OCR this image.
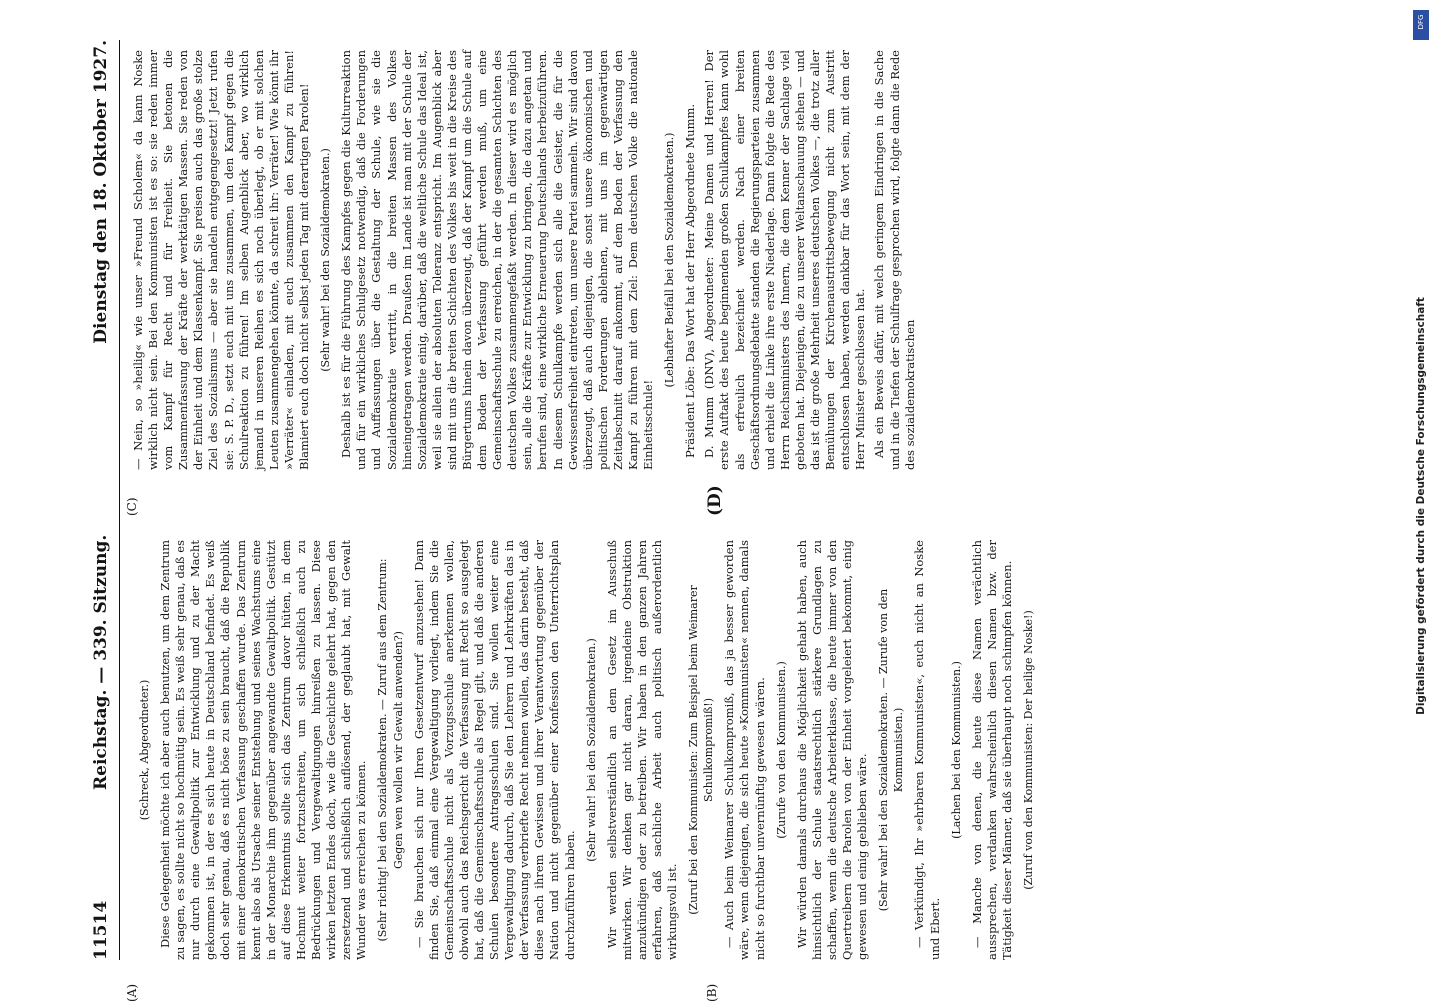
11514
Reichstag. — 339. Sitzung.
Dienstag den 18. Oktober 1927.
(A)	(B)
(C)	(D)

(Schreck, Abgeordneter.) Diese Gelegenheit möchte ich aber auch benutzen, um dem Zentrum zu sagen, es sollte nicht so hochmütig sein. Es weiß sehr genau, daß es nur durch eine Gewaltpolitik zur Entwicklung und zu der Macht gekommen ist, in der es sich heute in Deutschland befindet. Es weiß doch sehr genau, daß es nicht böse zu sein braucht, daß die Republik mit einer demokratischen Verfassung geschaffen wurde. Das Zentrum kennt also als Ursache seiner Entstehung und seines Wachstums eine in der Monarchie ihm gegenüber angewandte Gewaltpolitik. Gestützt auf diese Erkenntnis sollte sich das Zentrum davor hüten, in dem Hochmut weiter fortzuschreiten, um sich schließlich auch zu Bedrückungen und Vergewaltigungen hinreißen zu lassen. Diese wirken letzten Endes doch, wie die Geschichte gelehrt hat, gegen den zersetzend und schließlich auflösend, der geglaubt hat, mit Gewalt Wunder was erreichen zu können. (Sehr richtig! bei den Sozialdemokraten. — Zuruf aus dem Zentrum: Gegen wen wollen wir Gewalt anwenden?) — Sie brauchen sich nur Ihren Gesetzentwurf anzusehen! Dann finden Sie, daß einmal eine Vergewaltigung vorliegt, indem Sie die Gemeinschaftsschule nicht als Vorzugsschule anerkennen wollen, obwohl auch das Reichsgericht die Verfassung mit Recht so ausgelegt hat, daß die Gemeinschaftsschule als Regel gilt, und daß die anderen Schulen besondere Antragsschulen sind. Sie wollen weiter eine Vergewaltigung dadurch, daß Sie den Lehrern und Lehrkräften das in der Verfassung verbriefte Recht nehmen wollen, das darin besteht, daß diese nach ihrem Gewissen und ihrer Verantwortung gegenüber der Nation und nicht gegenüber einer Konfession den Unterrichtsplan durchzuführen haben.

(Sehr wahr! bei den Sozialdemokraten.) Wir werden selbstverständlich an dem Gesetz im Ausschuß mitwirken. Wir denken gar nicht daran, irgendeine Obstruktion anzukündigen oder zu betreiben. Wir haben in den ganzen Jahren erfahren, daß sachliche Arbeit auch politisch außerordentlich wirkungsvoll ist. (Zuruf bei den Kommunisten: Zum Beispiel beim Weimarer Schulkompromiß!) — Auch beim Weimarer Schulkompromiß, das ja besser geworden wäre, wenn diejenigen, die sich heute »Kommunisten« nennen, damals nicht so furchtbar unvernünftig gewesen wären. (Zurufe von den Kommunisten.) Wir würden damals durchaus die Möglichkeit gehabt haben, auch hinsichtlich der Schule staatsrechtlich stärkere Grundlagen zu schaffen, wenn die deutsche Arbeiterklasse, die heute immer von den Quertreibern die Parolen von der Einheit vorgeleiert bekommt, einig gewesen und einig geblieben wäre. (Sehr wahr! bei den Sozialdemokraten. — Zurufe von den Kommunisten.) — Verkündigt, Ihr »ehrbaren Kommunisten«, euch nicht an Noske und Ebert.

(Lachen bei den Kommunisten.) — Manche von denen, die heute diese Namen verächtlich aussprechen, verdanken wahrscheinlich diesen Namen bzw. der Tätigkeit dieser Männer, daß sie überhaupt noch schimpfen können. (Zuruf von den Kommunisten: Der heilige Noske!)

— Nein, so »heilig« wie unser »Freund Scholem« da kann Noske wirklich nicht sein. Bei den Kommunisten ist es so: sie reden immer vom Kampf für Recht und für Freiheit. Sie betonen die Zusammenfassung der Kräfte der werktätigen Massen. Sie reden von der Einheit und dem Klassenkampf. Sie preisen auch das große stolze Ziel des Sozialismus — aber sie handeln entgegengesetzt! Jetzt rufen sie: S. P. D., setzt euch mit uns zusammen, um den Kampf gegen die Schulreaktion zu führen! Im selben Augenblick aber, wo wirklich jemand in unseren Reihen es sich noch überlegt, ob er mit solchen Leuten zusammengehen könnte, da schreit ihr: Verräter! Wie könnt ihr »Verräter« einladen, mit euch zusammen den Kampf zu führen! Blamiert euch doch nicht selbst jeden Tag mit derartigen Parolen! (Sehr wahr! bei den Sozialdemokraten.) Deshalb ist es für die Führung des Kampfes gegen die Kulturreaktion und für ein wirkliches Schulgesetz notwendig, daß die Forderungen und Auffassungen über die Gestaltung der Schule, wie sie die Sozialdemokratie vertritt, in die breiten Massen des Volkes hineingetragen werden. Draußen im Lande ist man mit der Schule der Sozialdemokratie einig, darüber, daß die weltliche Schule das Ideal ist, weil sie allein der absoluten Toleranz entspricht. Im Augenblick aber sind mit uns die breiten Schichten des Volkes bis weit in die Kreise des Bürgertums hinein davon überzeugt, daß der Kampf um die Schule auf dem Boden der Verfassung geführt werden muß, um eine Gemeinschaftsschule zu erreichen, in der die gesamten Schichten des deutschen Volkes zusammengefaßt werden. In dieser wird es möglich sein, alle die Kräfte zur Entwicklung zu bringen, die dazu angetan und berufen sind, eine wirkliche Erneuerung Deutschlands herbeizuführen. In diesem Schulkampfe werden sich alle die Geister, die für die Gewissensfreiheit eintreten, um unsere Partei sammeln. Wir sind davon überzeugt, daß auch diejenigen, die sonst unsere ökonomischen und politischen Forderungen ablehnen, mit uns im gegenwärtigen Zeitabschnitt darauf ankommt, auf dem Boden der Verfassung den Kampf zu führen mit dem Ziel: Dem deutschen Volke die nationale Einheitsschule!

(Lebhafter Beifall bei den Sozialdemokraten.) Präsident Löbe: Das Wort hat der Herr Abgeordnete Mumm. D. Mumm (DNV), Abgeordneter: Meine Damen und Herren! Der erste Auftakt des heute beginnenden großen Schulkampfes kann wohl als erfreulich bezeichnet werden. Nach einer breiten Geschäftsordnungsdebatte standen die Regierungsparteien zusammen und erhielt die Linke ihre erste Niederlage. Dann folgte die Rede des Herrn Reichsministers des Innern, die dem Kenner der Sachlage viel geboten hat. Diejenigen, die zu unserer Weltanschauung stehen — und das ist die große Mehrheit unseres deutschen Volkes —, die trotz aller Bemühungen der Kirchenaustrittsbewegung nicht zum Austritt entschlossen haben, werden dankbar für das Wort sein, mit dem der Herr Minister geschlossen hat. Als ein Beweis dafür, mit welch geringem Eindringen in die Sache und in die Tiefen der Schulfrage gesprochen wird, folgte dann die Rede des sozialdemokratischen

DFG
Digitalisierung gefördert durch die Deutsche Forschungsgemeinschaft
